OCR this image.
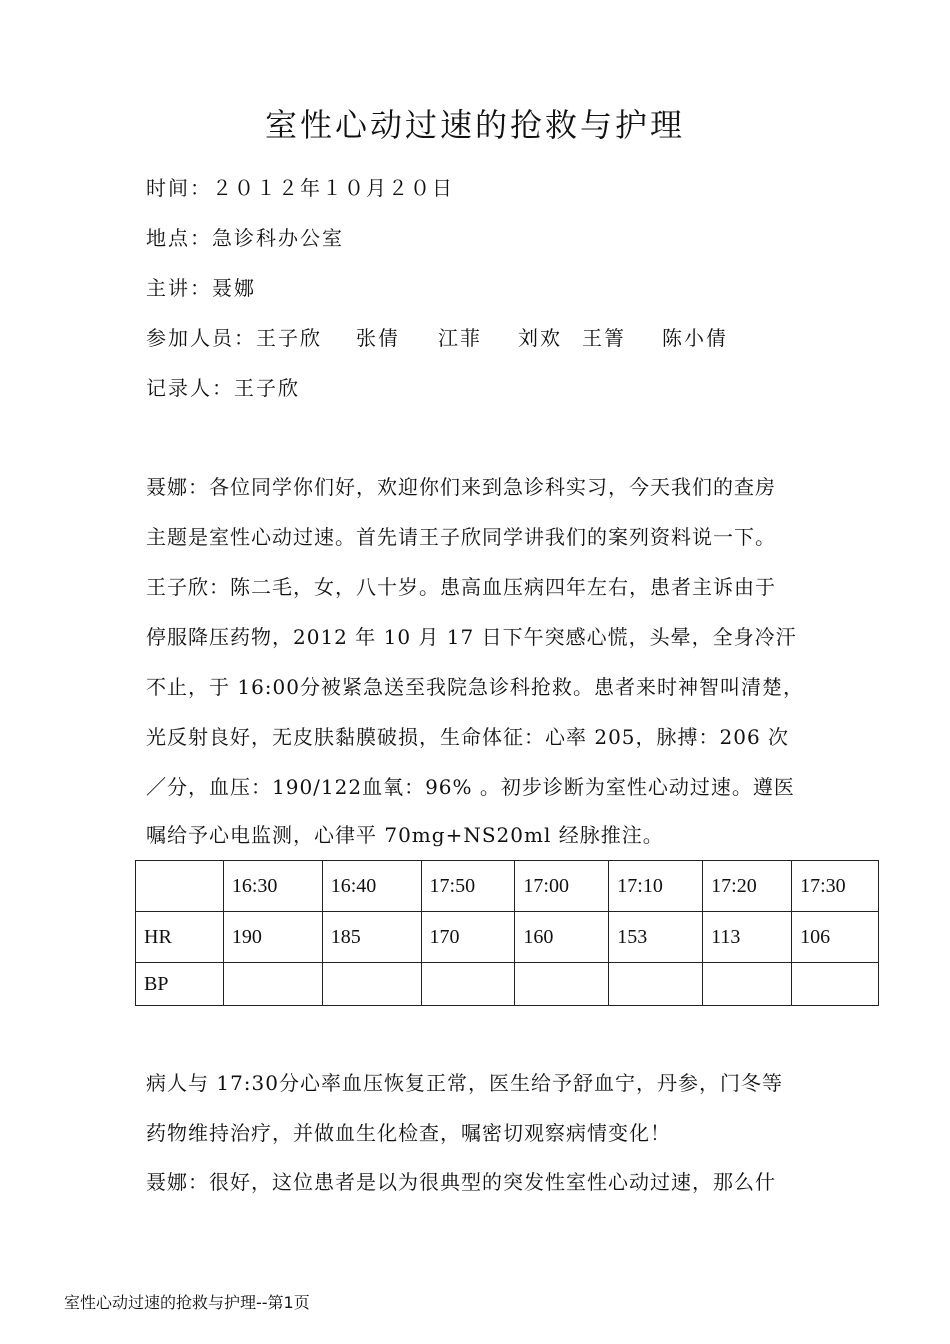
室性心动过速的抢救与护理
时间：２０１２年１０月２０日
地点：急诊科办公室
主讲：聂娜
参加人员：王子欣 张倩 江菲 刘欢 王箐 陈小倩
记录人：王子欣
聂娜：各位同学你们好，欢迎你们来到急诊科实习，今天我们的查房
主题是室性心动过速。首先请王子欣同学讲我们的案列资料说一下。
王子欣：陈二毛，女，八十岁。患高血压病四年左右，患者主诉由于
停服降压药物，2012 年 10 月 17 日下午突感心慌，头晕，全身冷汗
不止，于 16:00分被紧急送至我院急诊科抢救。患者来时神智叫清楚，
光反射良好，无皮肤黏膜破损，生命体征：心率 205，脉搏：206 次
／分，血压：190/122血氧：96% 。初步诊断为室性心动过速。遵医
嘱给予心电监测，心律平 70mg+NS20ml 经脉推注。
	16:30	16:40	17:50	17:00	17:10	17:20	17:30
HR	190	185	170	160	153	113	106
BP							
病人与 17:30分心率血压恢复正常，医生给予舒血宁，丹参，门冬等
药物维持治疗，并做血生化检查，嘱密切观察病情变化！
聂娜：很好，这位患者是以为很典型的突发性室性心动过速，那么什
室性心动过速的抢救与护理--第1页
